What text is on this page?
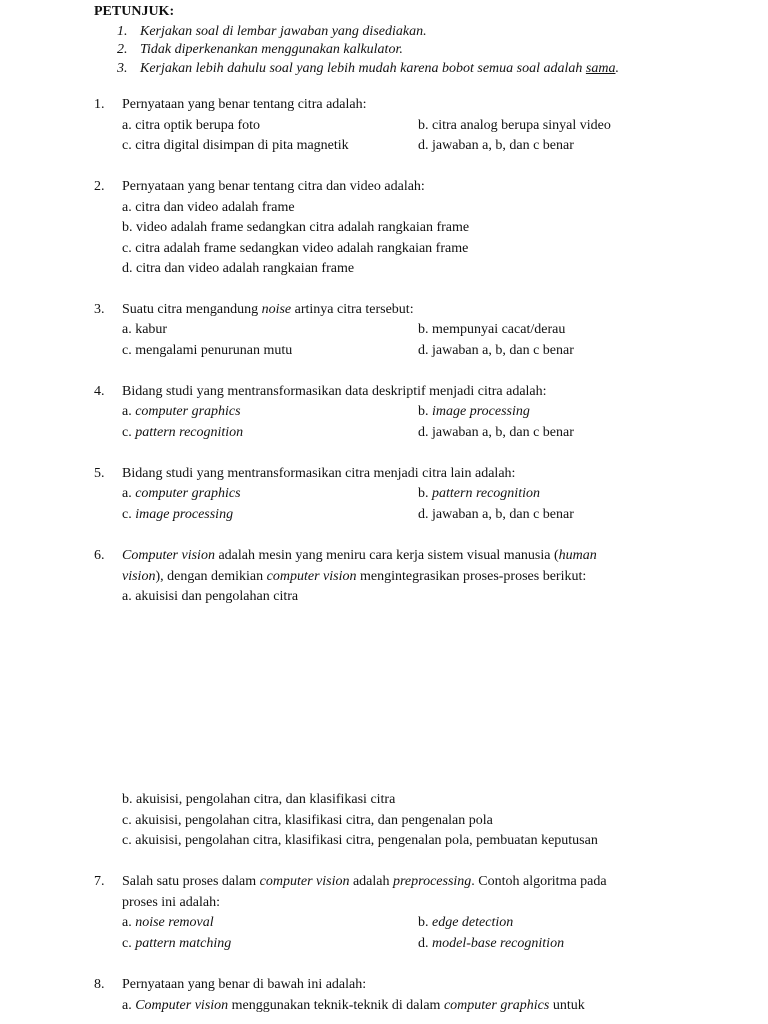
PETUNJUK:
1. Kerjakan soal di lembar jawaban yang disediakan.
2. Tidak diperkenankan menggunakan kalkulator.
3. Kerjakan lebih dahulu soal yang lebih mudah karena bobot semua soal adalah sama.
1. Pernyataan yang benar tentang citra adalah:
a. citra optik berupa foto	b. citra analog berupa sinyal video
c. citra digital disimpan di pita magnetik	d. jawaban a, b, dan c benar
2. Pernyataan yang benar tentang citra dan video adalah:
a. citra dan video adalah frame
b. video adalah frame sedangkan citra adalah rangkaian frame
c. citra adalah frame sedangkan video adalah rangkaian frame
d. citra dan video adalah rangkaian frame
3. Suatu citra mengandung noise artinya citra tersebut:
a. kabur	b. mempunyai cacat/derau
c. mengalami penurunan mutu	d. jawaban a, b, dan c benar
4. Bidang studi yang mentransformasikan data deskriptif menjadi citra adalah:
a. computer graphics	b. image processing
c. pattern recognition	d. jawaban a, b, dan c benar
5. Bidang studi yang mentransformasikan citra menjadi citra lain adalah:
a. computer graphics	b. pattern recognition
c. image processing	d. jawaban a, b, dan c benar
6. Computer vision adalah mesin yang meniru cara kerja sistem visual manusia (human
vision), dengan demikian computer vision mengintegrasikan proses-proses berikut:
a. akuisisi dan pengolahan citra
b. akuisisi, pengolahan citra, dan klasifikasi citra
c. akuisisi, pengolahan citra, klasifikasi citra, dan pengenalan pola
c. akuisisi, pengolahan citra, klasifikasi citra, pengenalan pola, pembuatan keputusan
7. Salah satu proses dalam computer vision adalah preprocessing. Contoh algoritma pada
proses ini adalah:
a. noise removal	b. edge detection
c. pattern matching	d. model-base recognition
8. Pernyataan yang benar di bawah ini adalah:
a. Computer vision menggunakan teknik-teknik di dalam computer graphics untuk
